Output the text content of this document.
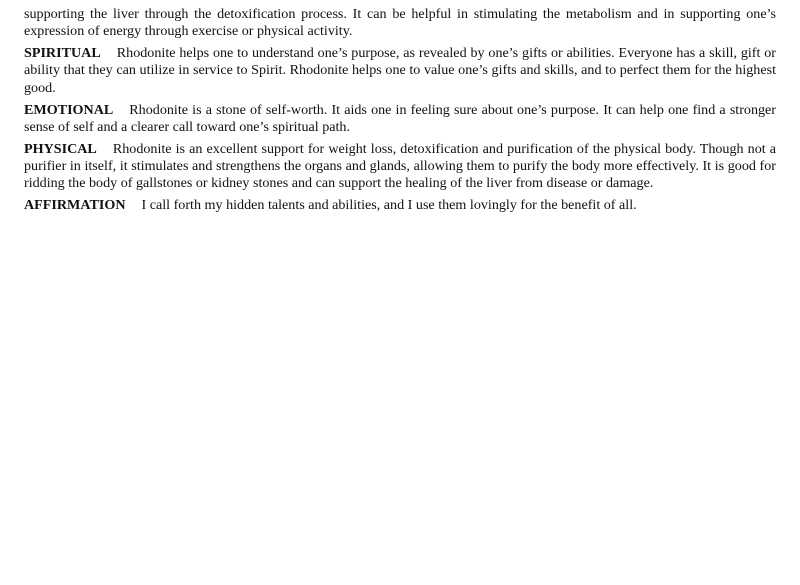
supporting the liver through the detoxification process. It can be helpful in stimulating the metabolism and in supporting one’s expression of energy through exercise or physical activity.

SPIRITUAL Rhodonite helps one to understand one’s purpose, as revealed by one’s gifts or abilities. Everyone has a skill, gift or ability that they can utilize in service to Spirit. Rhodonite helps one to value one’s gifts and skills, and to perfect them for the highest good.

EMOTIONAL Rhodonite is a stone of self-worth. It aids one in feeling sure about one’s purpose. It can help one find a stronger sense of self and a clearer call toward one’s spiritual path.

PHYSICAL Rhodonite is an excellent support for weight loss, detoxification and purification of the physical body. Though not a purifier in itself, it stimulates and strengthens the organs and glands, allowing them to purify the body more effectively. It is good for ridding the body of gallstones or kidney stones and can support the healing of the liver from disease or damage.

AFFIRMATION I call forth my hidden talents and abilities, and I use them lovingly for the benefit of all.
